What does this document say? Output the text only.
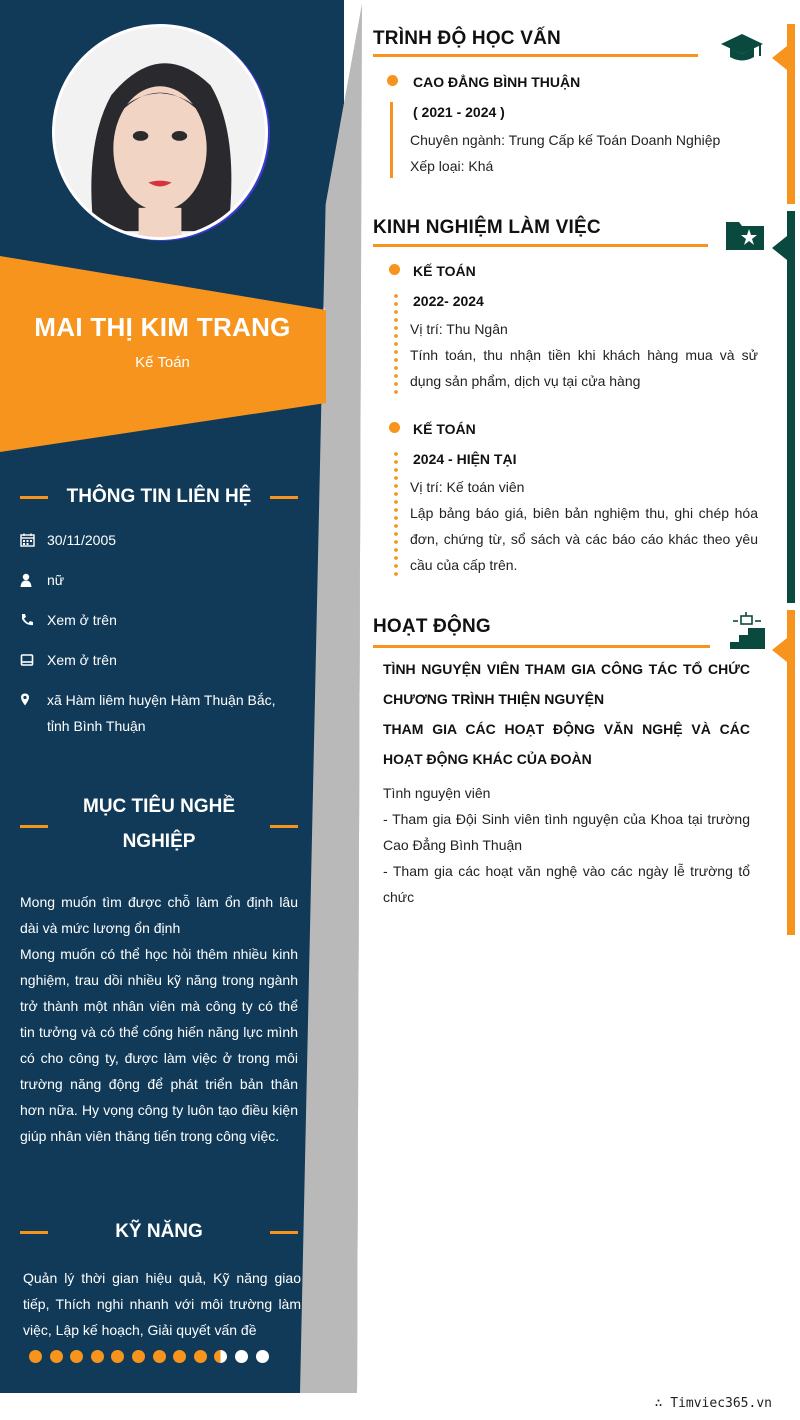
MAI THỊ KIM TRANG
Kế Toán
THÔNG TIN LIÊN HỆ
30/11/2005
nữ
Xem ở trên
Xem ở trên
xã Hàm liêm huyện Hàm Thuận Bắc, tỉnh Bình Thuận
MỤC TIÊU NGHỀ
NGHIỆP
Mong muốn tìm được chỗ làm ổn định lâu dài và mức lương ổn định
Mong muốn có thể học hỏi thêm nhiều kinh nghiệm, trau dồi nhiều kỹ năng trong ngành trở thành một nhân viên mà công ty có thể tin tưởng và có thể cống hiến năng lực mình có cho công ty, được làm việc ở trong môi trường năng động để phát triển bản thân hơn nữa. Hy vọng công ty luôn tạo điều kiện giúp nhân viên thăng tiến trong công việc.
KỸ NĂNG
Quản lý thời gian hiệu quả, Kỹ năng giao tiếp, Thích nghi nhanh với môi trường làm việc, Lập kế hoạch, Giải quyết vấn đề
TRÌNH ĐỘ HỌC VẤN
CAO ĐẲNG BÌNH THUẬN
( 2021 - 2024 )
Chuyên ngành: Trung Cấp kế Toán Doanh Nghiệp
Xếp loại: Khá
KINH NGHIỆM LÀM VIỆC
KẾ TOÁN
2022- 2024
Vị trí: Thu Ngân
Tính toán, thu nhận tiền khi khách hàng mua và sử dụng sản phẩm, dịch vụ tại cửa hàng
KẾ TOÁN
2024 - HIỆN TẠI
Vị trí: Kế toán viên
Lập bảng báo giá, biên bản nghiệm thu, ghi chép hóa đơn, chứng từ, sổ sách và các báo cáo khác theo yêu cầu của cấp trên.
HOẠT ĐỘNG
TÌNH NGUYỆN VIÊN THAM GIA CÔNG TÁC TỔ CHỨC
CHƯƠNG TRÌNH THIỆN NGUYỆN
THAM GIA CÁC HOẠT ĐỘNG VĂN NGHỆ VÀ CÁC
HOẠT ĐỘNG KHÁC CỦA ĐOÀN
Tình nguyện viên
- Tham gia Đội Sinh viên tình nguyện của Khoa tại trường Cao Đẳng Bình Thuận
- Tham gia các hoạt văn nghệ vào các ngày lễ trường tổ chức
∴ Timviec365.vn
